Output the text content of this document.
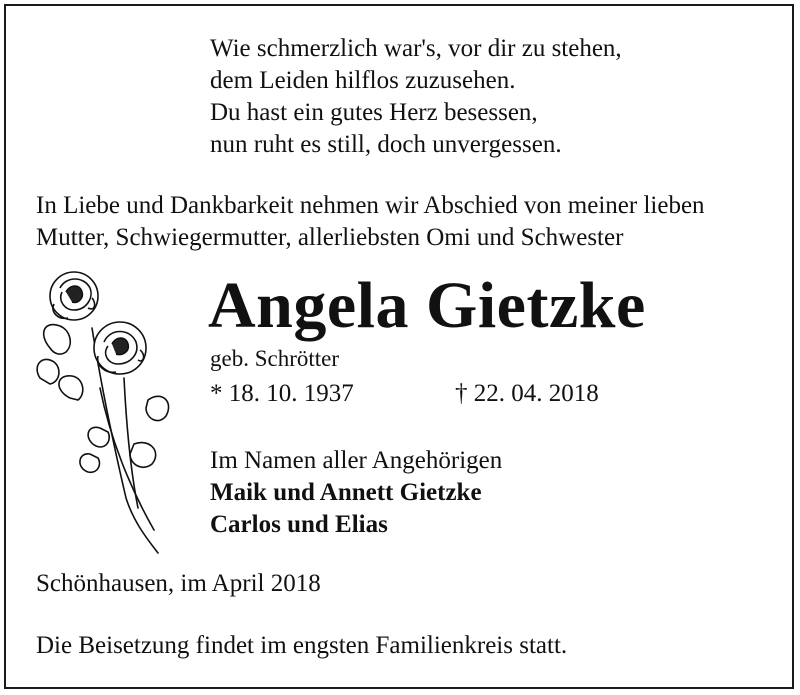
Wie schmerzlich war's, vor dir zu stehen,
dem Leiden hilflos zuzusehen.
Du hast ein gutes Herz besessen,
nun ruht es still, doch unvergessen.
In Liebe und Dankbarkeit nehmen wir Abschied von meiner lieben
Mutter, Schwiegermutter, allerliebsten Omi und Schwester
Angela Gietzke
geb. Schrötter
* 18. 10. 1937	† 22. 04. 2018
Im Namen aller Angehörigen
Maik und Annett Gietzke
Carlos und Elias
Schönhausen, im April 2018
Die Beisetzung findet im engsten Familienkreis statt.
